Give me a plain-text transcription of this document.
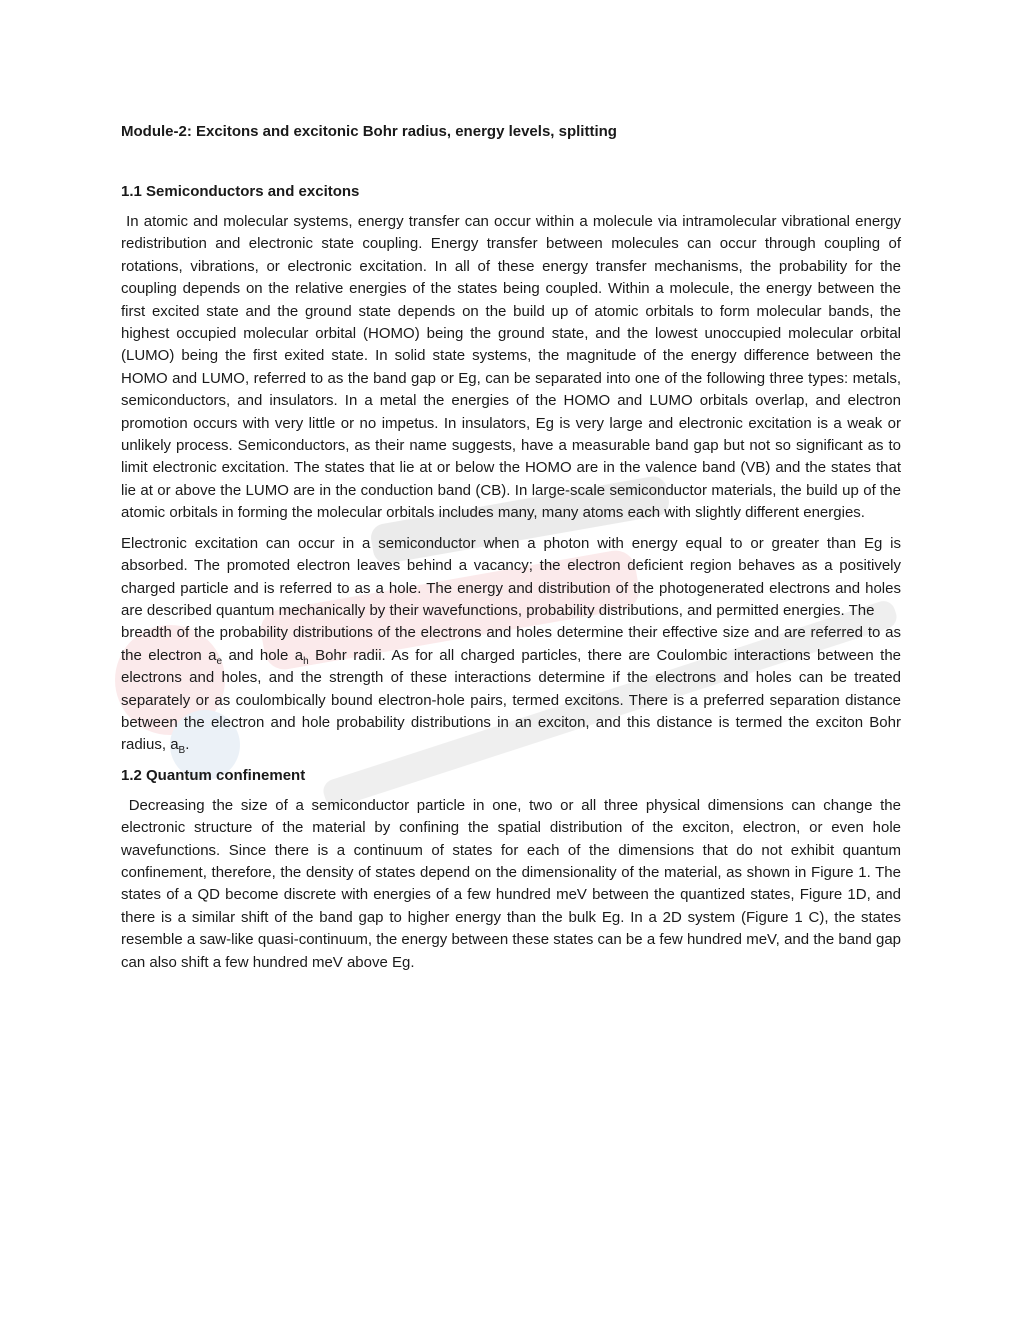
Module-2: Excitons and excitonic Bohr radius, energy levels, splitting

1.1 Semiconductors and excitons

In atomic and molecular systems, energy transfer can occur within a molecule via intramolecular vibrational energy redistribution and electronic state coupling. Energy transfer between molecules can occur through coupling of rotations, vibrations, or electronic excitation. In all of these energy transfer mechanisms, the probability for the coupling depends on the relative energies of the states being coupled. Within a molecule, the energy between the first excited state and the ground state depends on the build up of atomic orbitals to form molecular bands, the highest occupied molecular orbital (HOMO) being the ground state, and the lowest unoccupied molecular orbital (LUMO) being the first exited state. In solid state systems, the magnitude of the energy difference between the HOMO and LUMO, referred to as the band gap or Eg, can be separated into one of the following three types: metals, semiconductors, and insulators. In a metal the energies of the HOMO and LUMO orbitals overlap, and electron promotion occurs with very little or no impetus. In insulators, Eg is very large and electronic excitation is a weak or unlikely process. Semiconductors, as their name suggests, have a measurable band gap but not so significant as to limit electronic excitation. The states that lie at or below the HOMO are in the valence band (VB) and the states that lie at or above the LUMO are in the conduction band (CB). In large-scale semiconductor materials, the build up of the atomic orbitals in forming the molecular orbitals includes many, many atoms each with slightly different energies.

Electronic excitation can occur in a semiconductor when a photon with energy equal to or greater than Eg is absorbed. The promoted electron leaves behind a vacancy; the electron deficient region behaves as a positively charged particle and is referred to as a hole. The energy and distribution of the photogenerated electrons and holes are described quantum mechanically by their wavefunctions, probability distributions, and permitted energies. The

breadth of the probability distributions of the electrons and holes determine their effective size and are referred to as the electron $a_e$ and hole $a_h$ Bohr radii. As for all charged particles, there are Coulombic interactions between the electrons and holes, and the strength of these interactions determine if the electrons and holes can be treated separately or as coulombically bound electron-hole pairs, termed excitons. There is a preferred separation distance between the electron and hole probability distributions in an exciton, and this distance is termed the exciton Bohr radius, $a_B$.

1.2 Quantum confinement

Decreasing the size of a semiconductor particle in one, two or all three physical dimensions can change the electronic structure of the material by confining the spatial distribution of the exciton, electron, or even hole wavefunctions. Since there is a continuum of states for each of the dimensions that do not exhibit quantum confinement, therefore, the density of states depend on the dimensionality of the material, as shown in Figure 1. The states of a QD become discrete with energies of a few hundred meV between the quantized states, Figure 1D, and there is a similar shift of the band gap to higher energy than the bulk Eg. In a 2D system (Figure 1 C), the states resemble a saw-like quasi-continuum, the energy between these states can be a few hundred meV, and the band gap can also shift a few hundred meV above Eg.
